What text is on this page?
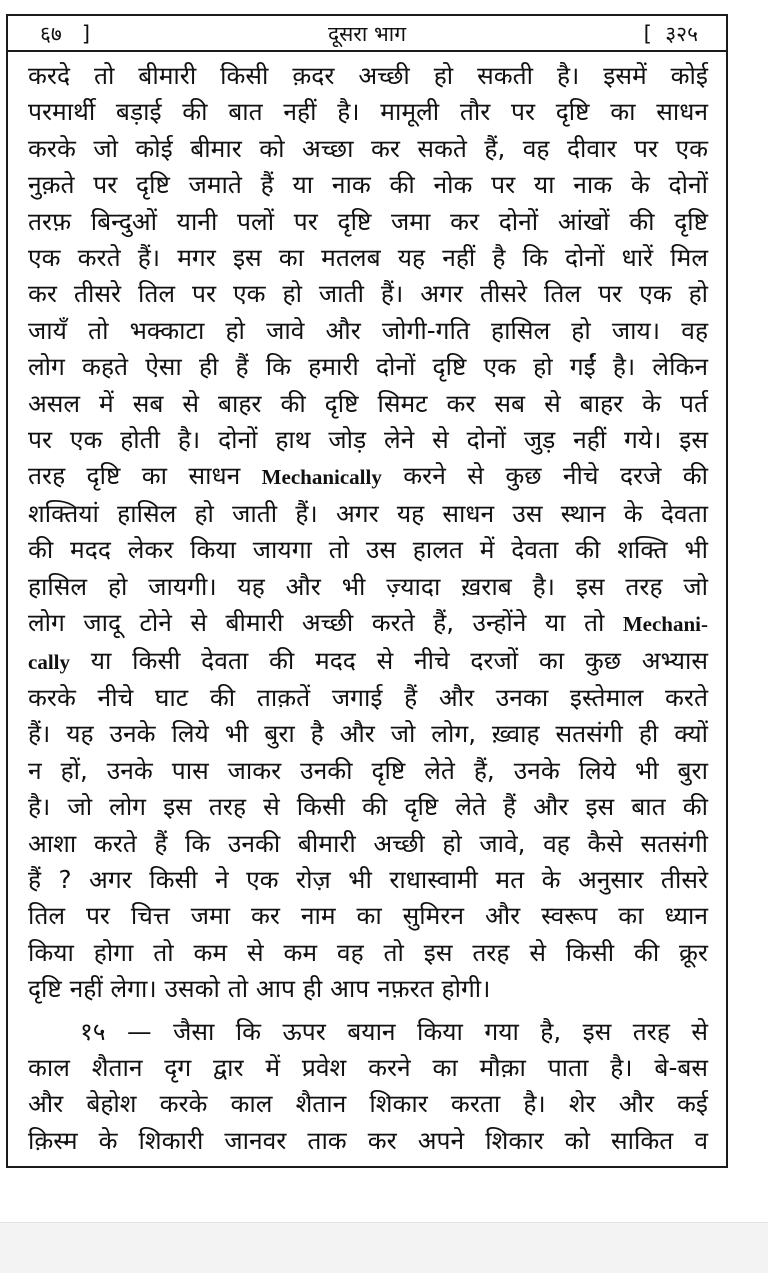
६७ ]	दूसरा भाग	[ ३२५

करदे तो बीमारी किसी क़दर अच्छी हो सकती है। इसमें कोई

परमार्थी बड़ाई की बात नहीं है। मामूली तौर पर दृष्टि का साधन

करके जो कोई बीमार को अच्छा कर सकते हैं, वह दीवार पर एक

नुक़ते पर दृष्टि जमाते हैं या नाक की नोक पर या नाक के दोनों

तरफ़ बिन्दुओं यानी पलों पर दृष्टि जमा कर दोनों आंखों की दृष्टि

एक करते हैं। मगर इस का मतलब यह नहीं है कि दोनों धारें मिल

कर तीसरे तिल पर एक हो जाती हैं। अगर तीसरे तिल पर एक हो

जायँ तो भक्काटा हो जावे और जोगी-गति हासिल हो जाय। वह

लोग कहते ऐसा ही हैं कि हमारी दोनों दृष्टि एक हो गईं है। लेकिन

असल में सब से बाहर की दृष्टि सिमट कर सब से बाहर के पर्त

पर एक होती है। दोनों हाथ जोड़ लेने से दोनों जुड़ नहीं गये। इस

तरह दृष्टि का साधन Mechanically करने से कुछ नीचे दरजे की

शक्तियां हासिल हो जाती हैं। अगर यह साधन उस स्थान के देवता

की मदद लेकर किया जायगा तो उस हालत में देवता की शक्ति भी

हासिल हो जायगी। यह और भी ज़्यादा ख़राब है। इस तरह जो

लोग जादू टोने से बीमारी अच्छी करते हैं, उन्होंने या तो Mechani-

cally या किसी देवता की मदद से नीचे दरजों का कुछ अभ्यास

करके नीचे घाट की ताक़तें जगाई हैं और उनका इस्तेमाल करते

हैं। यह उनके लिये भी बुरा है और जो लोग, ख़्वाह सतसंगी ही क्यों

न हों, उनके पास जाकर उनकी दृष्टि लेते हैं, उनके लिये भी बुरा

है। जो लोग इस तरह से किसी की दृष्टि लेते हैं और इस बात की

आशा करते हैं कि उनकी बीमारी अच्छी हो जावे, वह कैसे सतसंगी

हैं ? अगर किसी ने एक रोज़ भी राधास्वामी मत के अनुसार तीसरे

तिल पर चित्त जमा कर नाम का सुमिरन और स्वरूप का ध्यान

किया होगा तो कम से कम वह तो इस तरह से किसी की क्रूर

दृष्टि नहीं लेगा। उसको तो आप ही आप नफ़रत होगी।

१५ — जैसा कि ऊपर बयान किया गया है, इस तरह से

काल शैतान दृग द्वार में प्रवेश करने का मौक़ा पाता है। बे-बस

और बेहोश करके काल शैतान शिकार करता है। शेर और कई

क़िस्म के शिकारी जानवर ताक कर अपने शिकार को साकित व
